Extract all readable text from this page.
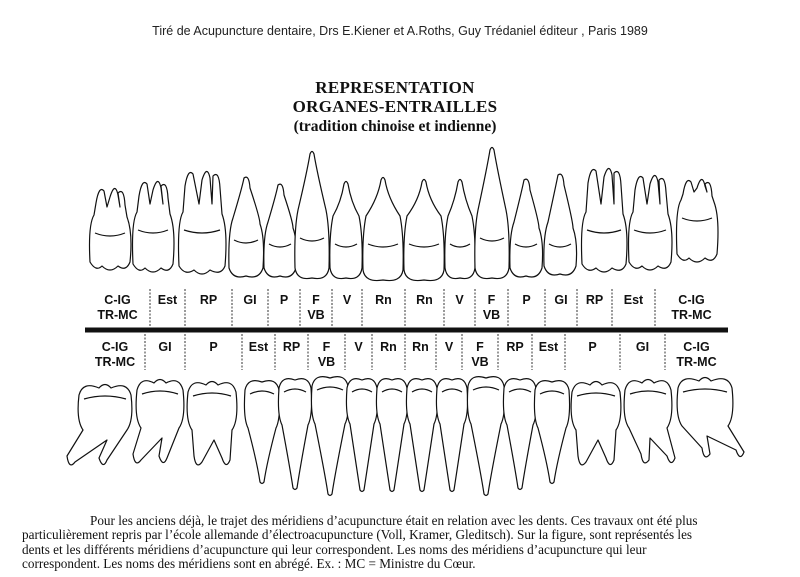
Tiré de Acupuncture dentaire, Drs E.Kiener et A.Roths, Guy Trédaniel éditeur , Paris 1989
REPRESENTATION
ORGANES-ENTRAILLES
(tradition chinoise et indienne)
C-IG
TR-MC
Est RP GI P F
VB
V Rn Rn V F
VB
P GI RP Est	C-IG
TR-MC
C-IG
TR-MC
GI	P Est RP F
VB
V Rn Rn V F
VB
RP Est P	GI	C-IG
TR-MC
Pour les anciens déjà, le trajet des méridiens d’acupuncture était en relation avec les dents. Ces travaux ont été plus
particulièrement repris par l’école allemande d’électroacupuncture (Voll, Kramer, Gleditsch). Sur la figure, sont représentés les
dents et les différents méridiens d’acupuncture qui leur correspondent. Les noms des méridiens d’acupuncture qui leur
correspondent. Les noms des méridiens sont en abrégé. Ex. : MC = Ministre du Cœur.
